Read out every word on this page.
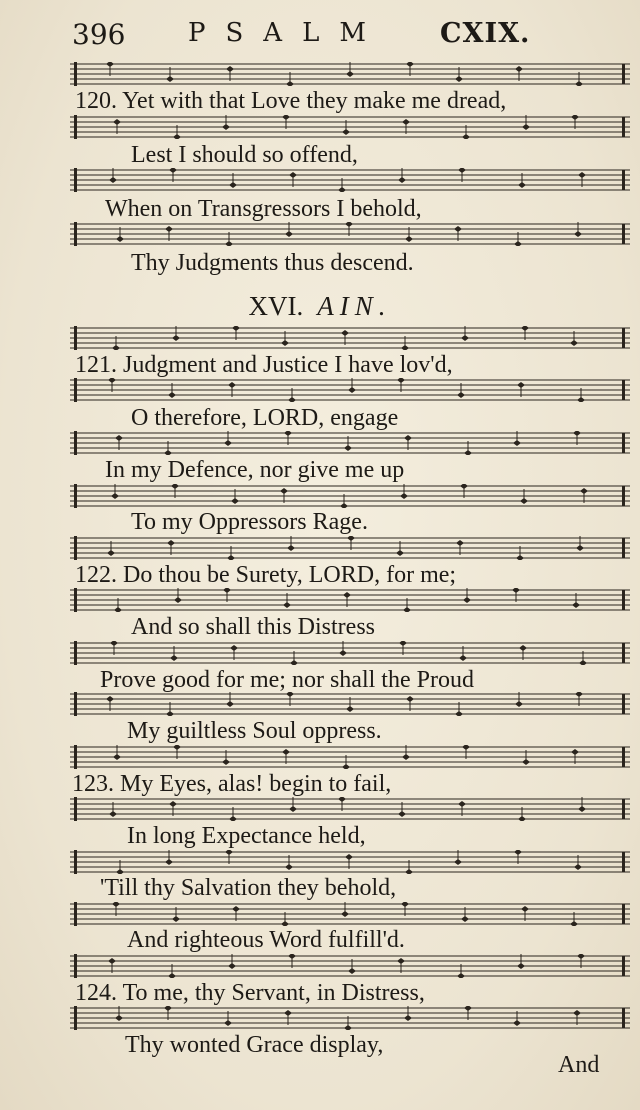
396 PSALM CXIX.
120. Yet with that Love they make me dread,
Lest I should so offend,
When on Transgressors I behold,
Thy Judgments thus descend.
XVI. AIN.
121. Judgment and Justice I have lov'd,
O therefore, LORD, engage
In my Defence, nor give me up
To my Oppressors Rage.
122. Do thou be Surety, LORD, for me;
And so shall this Distress
Prove good for me; nor shall the Proud
My guiltless Soul oppress.
123. My Eyes, alas! begin to fail,
In long Expectance held,
'Till thy Salvation they behold,
And righteous Word fulfill'd.
124. To me, thy Servant, in Distress,
Thy wonted Grace display,
And
